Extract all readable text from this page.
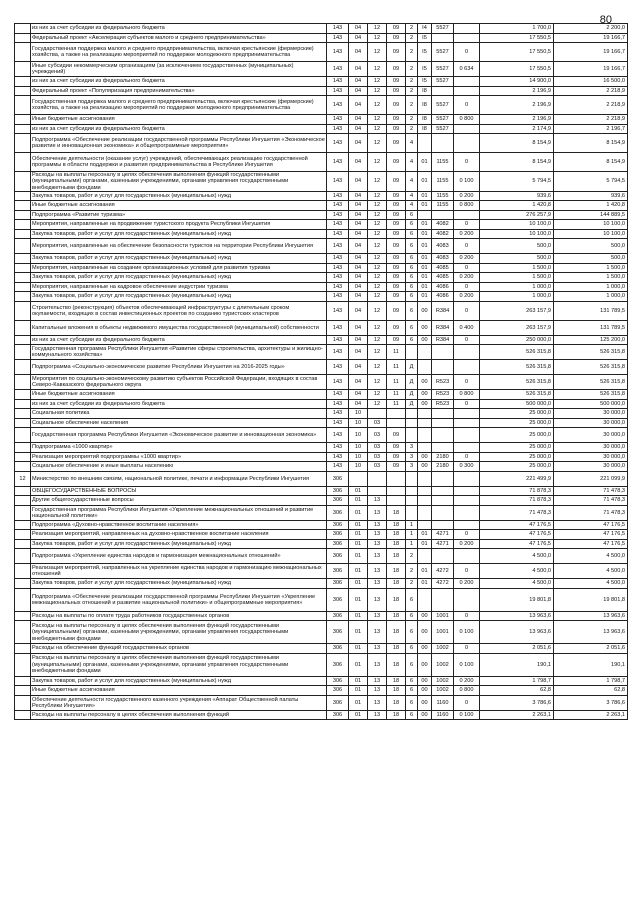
80
	из них за счет субсидии из федерального бюджета	143	04	12	09	2	I4	5527		1 700,0	2 200,0
	Федеральный проект «Акселерация субъектов малого и среднего предпринимательства»	143	04	12	09	2	I5			17 550,5	19 166,7
	Государственная поддержка малого и среднего предпринимательства, включая крестьянские (фермерские) хозяйства, а также на реализацию мероприятий по поддержке молодежного предпринимательства	143	04	12	09	2	I5	5527	0	17 550,5	19 166,7
	Иные субсидии некоммерческим организациям (за исключением государственных (муниципальных) учреждений)	143	04	12	09	2	I5	5527	0 634	17 550,5	19 166,7
	из них за счет субсидии из федерального бюджета	143	04	12	09	2	I5	5527		14 900,0	16 500,0
	Федеральный проект «Популяризация предпринимательства»	143	04	12	09	2	I8			2 196,9	2 218,9
	Государственная поддержка малого и среднего предпринимательства, включая крестьянские (фермерские) хозяйства, а также на реализацию мероприятий по поддержке молодежного предпринимательства	143	04	12	09	2	I8	5527	0	2 196,9	2 218,9
	Иные бюджетные ассигнования	143	04	12	09	2	I8	5527	0 800	2 196,9	2 218,9
	из них за счет субсидии из федерального бюджета	143	04	12	09	2	I8	5527		2 174,9	2 196,7
	Подпрограмма «Обеспечение реализации государственной программы Республики Ингушетия «Экономическое развитие и инновационная экономика» и общепрограммные мероприятия»	143	04	12	09	4				8 154,9	8 154,9
	Обеспечение деятельности (оказание услуг) учреждений, обеспечивающих реализацию государственной программы в области поддержки и развития предпринимательства в Республике Ингушетия	143	04	12	09	4	01	1155	0	8 154,9	8 154,9
	Расходы на выплаты персоналу в целях обеспечения выполнения функций государственными (муниципальными) органами, казенными учреждениями, органами управления государственными внебюджетными фондами	143	04	12	09	4	01	1155	0 100	5 794,5	5 794,5
	Закупка товаров, работ и услуг для государственных (муниципальных) нужд	143	04	12	09	4	01	1155	0 200	939,6	939,6
	Иные бюджетные ассигнования	143	04	12	09	4	01	1155	0 800	1 420,8	1 420,8
	Подпрограмма «Развитие туризма»	143	04	12	09	6				276 257,9	144 889,5
	Мероприятия, направленные на продвижение туристского продукта Республики Ингушетия	143	04	12	09	6	01	4082	0	10 100,0	10 100,0
	Закупка товаров, работ и услуг для государственных (муниципальных) нужд	143	04	12	09	6	01	4082	0 200	10 100,0	10 100,0
	Мероприятия, направленные на обеспечение безопасности туристов на территории Республики Ингушетия	143	04	12	09	6	01	4083	0	500,0	500,0
	Закупка товаров, работ и услуг для государственных (муниципальных) нужд	143	04	12	09	6	01	4083	0 200	500,0	500,0
	Мероприятия, направленные на создание организационных условий для развития туризма	143	04	12	09	6	01	4085	0	1 500,0	1 500,0
	Закупка товаров, работ и услуг для государственных (муниципальных) нужд	143	04	12	09	6	01	4085	0 200	1 500,0	1 500,0
	Мероприятия, направленные на кадровое обеспечение индустрии туризма	143	04	12	09	6	01	4086	0	1 000,0	1 000,0
	Закупка товаров, работ и услуг для государственных (муниципальных) нужд	143	04	12	09	6	01	4086	0 200	1 000,0	1 000,0
	Строительство (реконструкция) объектов обеспечивающей инфраструктуры с длительным сроком окупаемости, входящих в состав инвестиционных проектов по созданию туристских кластеров	143	04	12	09	6	00	R384	0	263 157,9	131 789,5
	Капитальные вложения в объекты недвижимого имущества государственной (муниципальной) собственности	143	04	12	09	6	00	R384	0 400	263 157,9	131 789,5
	из них за счет субсидии из федерального бюджета	143	04	12	09	6	00	R384	0	250 000,0	125 200,0
	Государственная программа Республики Ингушетия «Развитие сферы строительства, архитектуры и жилищно-коммунального хозяйства»	143	04	12	11					526 315,8	526 315,8
	Подпрограмма «Социально-экономическое развитие Республики Ингушетия на 2016-2025 годы»	143	04	12	11	Д				526 315,8	526 315,8
	Мероприятия по социально-экономическому развитию субъектов Российской Федерации, входящих в состав Северо-Кавказского федерального округа	143	04	12	11	Д	00	R523	0	526 315,8	526 315,8
	Иные бюджетные ассигнования	143	04	12	11	Д	00	R523	0 800	526 315,8	526 315,8
	из них за счет субсидии из федерального бюджета	143	04	12	11	Д	00	R523	0	500 000,0	500 000,0
	Социальная политика	143	10							25 000,0	30 000,0
	Социальное обеспечение населения	143	10	03						25 000,0	30 000,0
	Государственная программа Республики Ингушетия «Экономическое развитие и инновационная экономика»	143	10	03	09					25 000,0	30 000,0
	Подпрограмма «1000 квартир»	143	10	03	09	3				25 000,0	30 000,0
	Реализация мероприятий подпрограммы «1000 квартир»	143	10	03	09	3	00	2180	0	25 000,0	30 000,0
	Социальное обеспечение и иные выплаты населению	143	10	03	09	3	00	2180	0 300	25 000,0	30 000,0
12	Министерство по внешним связям, национальной политике, печати и информации Республики Ингушетия	306								221 499,9	221 099,9
	ОБЩЕГОСУДАРСТВЕННЫЕ ВОПРОСЫ	306	01							71 878,3	71 478,3
	Другие общегосударственные вопросы	306	01	13						71 878,3	71 478,3
	Государственная программа Республики Ингушетия «Укрепление межнациональных отношений и развитие национальной политики»	306	01	13	18					71 478,3	71 478,3
	Подпрограмма «Духовно-нравственное воспитание населения»	306	01	13	18	1				47 176,5	47 176,5
	Реализация мероприятий, направленных на духовно-нравственное воспитание населения	306	01	13	18	1	01	4271	0	47 176,5	47 176,5
	Закупка товаров, работ и услуг для государственных (муниципальных) нужд	306	01	13	18	1	01	4271	0 200	47 176,5	47 176,5
	Подпрограмма «Укрепление единства народов и гармонизация межнациональных отношений»	306	01	13	18	2				4 500,0	4 500,0
	Реализация мероприятий, направленных на укрепление единства народов и гармонизацию межнациональных отношений	306	01	13	18	2	01	4272	0	4 500,0	4 500,0
	Закупка товаров, работ и услуг для государственных (муниципальных) нужд	306	01	13	18	2	01	4272	0 200	4 500,0	4 500,0
	Подпрограмма «Обеспечение реализации государственной программы Республики Ингушетия «Укрепление межнациональных отношений и развитие национальной политики» и общепрограммные мероприятия»	306	01	13	18	6				19 801,8	19 801,8
	Расходы на выплаты по оплате труда работников государственных органов	306	01	13	18	6	00	1001	0	13 963,6	13 963,6
	Расходы на выплаты персоналу в целях обеспечения выполнения функций государственными (муниципальными) органами, казенными учреждениями, органами управления государственными внебюджетными фондами	306	01	13	18	6	00	1001	0 100	13 963,6	13 963,6
	Расходы на обеспечение функций государственных органов	306	01	13	18	6	00	1002	0	2 051,6	2 051,6
	Расходы на выплаты персоналу в целях обеспечения выполнения функций государственными (муниципальными) органами, казенными учреждениями, органами управления государственными внебюджетными фондами	306	01	13	18	6	00	1002	0 100	190,1	190,1
	Закупка товаров, работ и услуг для государственных (муниципальных) нужд	306	01	13	18	6	00	1002	0 200	1 798,7	1 798,7
	Иные бюджетные ассигнования	306	01	13	18	6	00	1002	0 800	62,8	62,8
	Обеспечение деятельности государственного казенного учреждения «Аппарат Общественной палаты Республики Ингушетия»	306	01	13	18	6	00	1160	0	3 786,6	3 786,6
	Расходы на выплаты персоналу в целях обеспечения выполнения функций	306	01	13	18	6	00	1160	0 100	2 263,1	2 263,1
